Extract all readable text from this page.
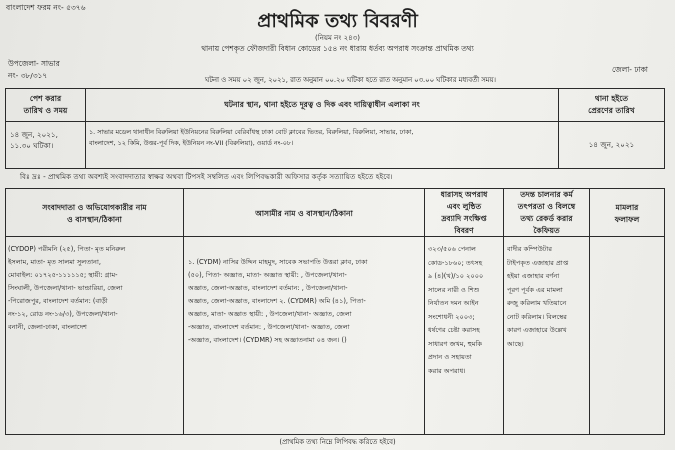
বাংলাদেশ ফরম নং- ৫৩৭৬
প্রাথমিক তথ্য বিবরণী
(নিয়ম নং ২৪৩)
থানায় পেশকৃত ফৌজদারী বিধান কোডের ১৫৪ নং ধারায় ধর্তব্য অপরাধ সংক্রান্ত প্রাথমিক তথ্য
উপজেলা- সাভার
নং- ৩৮/৩১৭
জেলা- ঢাকা
ঘটনা ও সময় ০২ জুন, ২০২১, রাত অনুমান ০০.২০ ঘটিকা হতে রাত অনুমান ০৩.০০ ঘটিকার মধ্যবর্তী সময়।
পেশ করার
তারিখ ও সময়
ঘটনার স্থান, থানা হইতে দূরত্ব ও দিক এবং দায়িত্বাধীন এলাকা নং
থানা হইতে
প্রেরণের তারিখ
১৪ জুন, ২০২১,
১১.৩০ ঘটিকা।
১. সাভার মডেল থানাধীন বিরুলিয়া ইউনিয়নের বিরুলিয়া বেরিবাঁধস্থ ঢাকা বোট ক্লাবের ভিতর, বিরুলিয়া, বিরুলিয়া, সাভার, ঢাকা,
বাংলাদেশ, ১২ কিমি, উত্তর-পূর্ব দিক, ইউনিয়ন নং-VII (বিরুলিয়া), ওয়ার্ড নং-০৮।	১৪ জুন, ২০২১
বিঃ দ্রঃ - প্রাথমিক তথ্য অবশ্যই সংবাদদাতার স্বাক্ষর অথবা টিপসই সম্বলিত এবং লিপিবদ্ধকারী অফিসার কর্তৃক সত্যায়িত হইতে হইবে।
সংবাদদাতা ও অভিযোগকারীর নাম
ও বাসস্থান/ঠিকানা
আসামীর নাম ও বাসস্থান/ঠিকানা
ধারাসহ অপরাধ
এবং লুন্ঠিত
দ্রব্যাদি সংক্ষিপ্ত
বিবরণ
তদন্ত চালনার কর্ম
তৎপরতা ও বিলম্বে
তথ্য রেকর্ড করার
কৈফিয়ত
মামলার
ফলাফল
(CYDOP) পরীমনি (২৫), পিতা- মৃত মনিরুল
ইসলাম, মাতা- মৃত সালমা সুলতানা,
মোবাইল: ০১৭২৫-১১১১১৫; স্থায়ী: গ্রাম-
সিংঘালী, উপজেলা/থানা- ভান্ডারিয়া, জেলা
-পিরোজপুর, বাংলাদেশ বর্তমান: (বাড়ী
নং-১২, রোড নং-১৬/৩), উপজেলা/থানা-
বনানী, জেলা-ঢাকা, বাংলাদেশ
১. (CYDM) নাসির উদ্দিন মাহমুদ, সাবেক সভাপতি উত্তরা ক্লাব, ঢাকা
(৫০), পিতা- অজ্ঞাত, মাতা- অজ্ঞাত স্থায়ী: , উপজেলা/থানা-
অজ্ঞাত, জেলা-অজ্ঞাত, বাংলাদেশ বর্তমান: , উপজেলা/থানা-
অজ্ঞাত, জেলা-অজ্ঞাত, বাংলাদেশ ২. (CYDMR) অমি (৪১), পিতা-
অজ্ঞাত, মাতা- অজ্ঞাত স্থায়ী: , উপজেলা/থানা- অজ্ঞাত, জেলা
-অজ্ঞাত, বাংলাদেশ বর্তমান: , উপজেলা/থানা- অজ্ঞাত, জেলা
-অজ্ঞাত, বাংলাদেশ। (CYDMR) সহ অজ্ঞাতনামা ০৪ জন। ()
৩২৩/৫০৬ পেনাল
কোড-১৮৬০; তৎসহ
৯ (৪)(খ)/১০ ২০০০
সালের নারী ও শিশু
নির্যাতন দমন আইন
সংশোধনী ২০০৩;
ধর্ষণের চেষ্টা করাসহ
সাধারণ জখম, হুমকি
প্রদান ও সহায়তা
করার অপরাধ।
বাদীর কম্পিউটার
টাইপকৃত এজাহার প্রাপ্ত
হইয়া এজাহার বর্ণনা
পূরণ পূর্বক এর মামলা
রুজু করিলাম খতিয়ানে
নোট করিলাম। বিলম্বের
কারণ এজাহারে উল্লেখ
আছে।
(প্রাথমিক তথ্য নিম্নে লিপিবদ্ধ করিতে হইবে)
